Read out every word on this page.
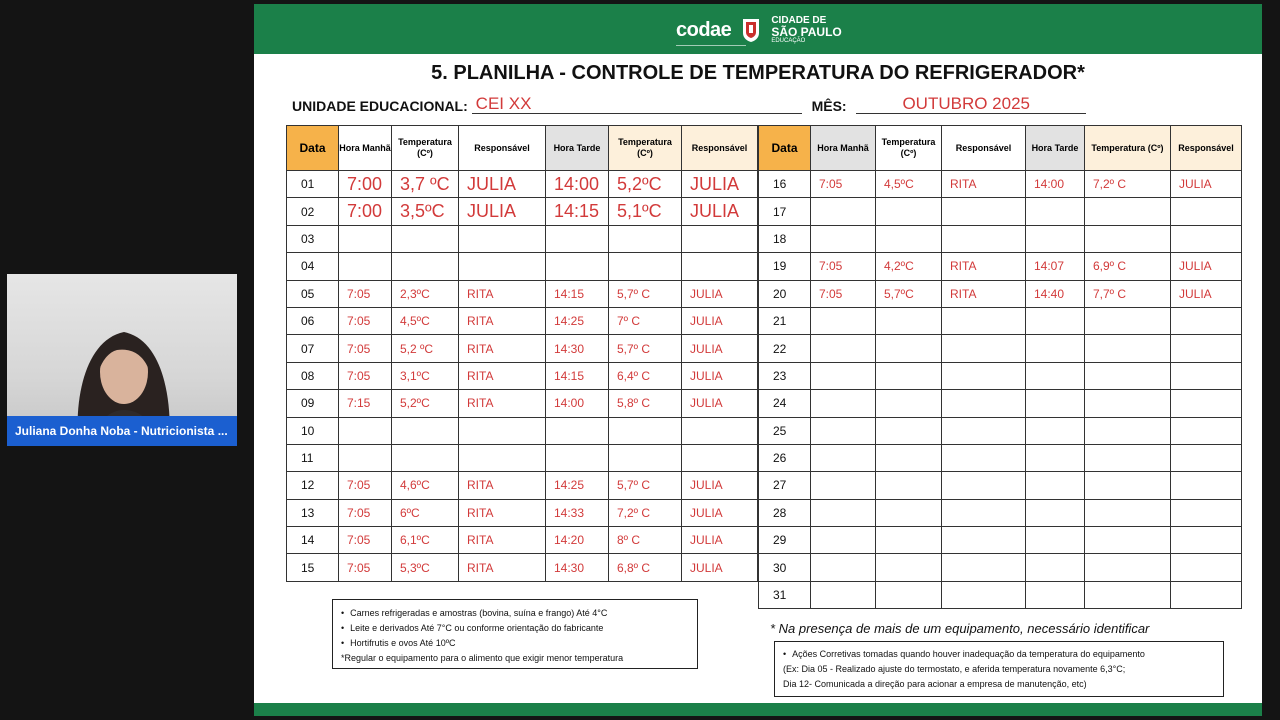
Juliana Donha Noba - Nutricionista ...
codae	CIDADE DE
SÃO PAULO
EDUCAÇÃO
5. PLANILHA - CONTROLE DE TEMPERATURA DO REFRIGERADOR*
UNIDADE EDUCACIONAL: CEI XX	MÊS:	OUTUBRO 2025
Data	Hora Manhã	Temperatura (Cº)	Responsável	Hora Tarde	Temperatura (Cº)	Responsável
01	7:00	3,7 ºC	JULIA	14:00	5,2ºC	JULIA
02	7:00	3,5ºC	JULIA	14:15	5,1ºC	JULIA
03						
04						
05	7:05	2,3ºC	RITA	14:15	5,7º C	JULIA
06	7:05	4,5ºC	RITA	14:25	7º C	JULIA
07	7:05	5,2 ºC	RITA	14:30	5,7º C	JULIA
08	7:05	3,1ºC	RITA	14:15	6,4º C	JULIA
09	7:15	5,2ºC	RITA	14:00	5,8º C	JULIA
10						
11						
12	7:05	4,6ºC	RITA	14:25	5,7º C	JULIA
13	7:05	6ºC	RITA	14:33	7,2º C	JULIA
14	7:05	6,1ºC	RITA	14:20	8º C	JULIA
15	7:05	5,3ºC	RITA	14:30	6,8º C	JULIA
Data	Hora Manhã	Temperatura (Cº)	Responsável	Hora Tarde	Temperatura (Cº)	Responsável
16	7:05	4,5ºC	RITA	14:00	7,2º C	JULIA
17						
18						
19	7:05	4,2ºC	RITA	14:07	6,9º C	JULIA
20	7:05	5,7ºC	RITA	14:40	7,7º C	JULIA
21						
22						
23						
24						
25						
26						
27						
28						
29						
30						
31						
• Carnes refrigeradas e amostras (bovina, suína e frango) Até 4°C
• Leite e derivados Até 7°C ou conforme orientação do fabricante
• Hortifrutis e ovos Até 10ºC
*Regular o equipamento para o alimento que exigir menor temperatura
* Na presença de mais de um equipamento, necessário identificar
• Ações Corretivas tomadas quando houver inadequação da temperatura do equipamento
(Ex: Dia 05 - Realizado ajuste do termostato, e aferida temperatura novamente 6,3°C;
Dia 12- Comunicada a direção para acionar a empresa de manutenção, etc)
